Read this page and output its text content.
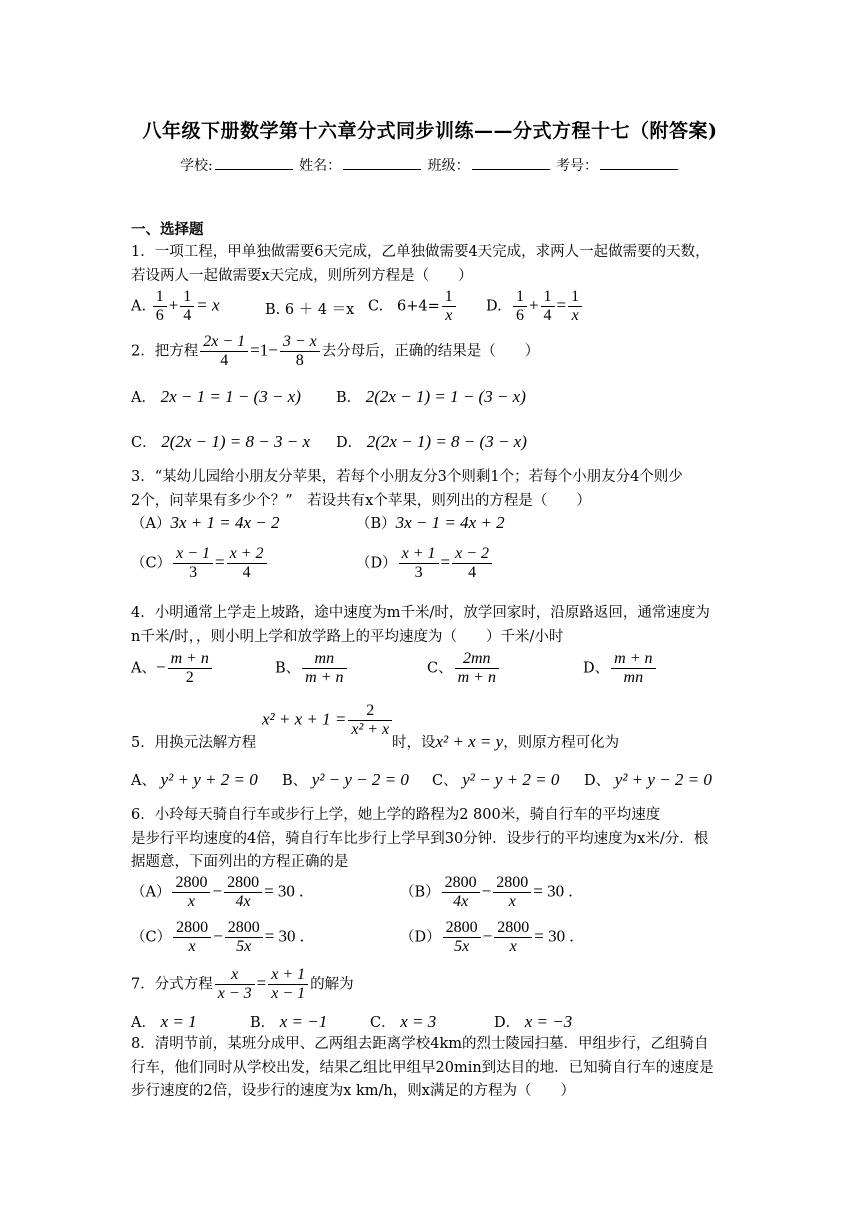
八年级下册数学第十六章分式同步训练——分式方程十七（附答案)
学校:	姓名：	班级：	考号：
一、选择题
1．一项工程，甲单独做需要6天完成，乙单独做需要4天完成，求两人一起做需要的天数，
若设两人一起做需要x天完成，则所列方程是（　　）
A. $\frac{1}{6} + \frac{1}{4} = x$	B. 6 ＋ 4 ＝x C. $6+4= \frac{1}{x} D$. $\frac{1}{6} + \frac{1}{4} = \frac{1}{x}$
2．把方程 $\frac{2x - 1}{4} =1- \frac{3 - x}{8}$ 去分母后，正确的结果是（　　）
A． 2x − 1 = 1 − (3 − x) B． 2(2x − 1) = 1 − (3 − x)
C． 2(2x − 1) = 8 − 3 − x D． 2(2x − 1) = 8 − (3 − x)
3．“某幼儿园给小朋友分苹果，若每个小朋友分3个则剩1个；若每个小朋友分4个则少
2个，问苹果有多少个？”　若设共有x个苹果，则列出的方程是（　　）
（A）3x + 1 = 4x − 2	（B）3x − 1 = 4x + 2
$(C) \frac{x - 1}{3} = \frac{x + 2}{4}$	$(D) \frac{x + 1}{3} = \frac{x - 2}{4}$
4．小明通常上学走上坡路，途中速度为m千米/时，放学回家时，沿原路返回，通常速度为
n千米/时，，则小明上学和放学路上的平均速度为（　　）千米/小时
A、− $\frac{m + n}{2}$	B、 $\frac{mn}{m + n}$	C、 $\frac{2mn}{m + n}$	D、 $\frac{m + n}{mn}$
5．用换元法解方程
$x^2 + x + 1 = \frac{2}{\text{x² + x}}$
时，设x² + x = y，则原方程可化为
A、 y² + y + 2 = 0 B、 y² − y − 2 = 0 C、 y² − y + 2 = 0 D、 y² + y − 2 = 0
6．小玲每天骑自行车或步行上学，她上学的路程为2 800米，骑自行车的平均速度
是步行平均速度的4倍，骑自行车比步行上学早到30分钟．设步行的平均速度为x米/分．根
据题意，下面列出的方程正确的是
$(A) \frac{2800}{x} - \frac{2800}{4x} = 30$ .	$(B) \frac{2800}{4x} - \frac{2800}{x} = 30$ .
$(C) \frac{2800}{x} - \frac{2800}{5x} = 30$ .	$(D) \frac{2800}{5x} - \frac{2800}{x} = 30$ .
7．分式方程 $\frac{x}{x - 3} = \frac{x + 1}{x - 1}$ 的解为
A． x = 1	B． x = −1	C． x = 3	D． x = −3
8．清明节前，某班分成甲、乙两组去距离学校4km的烈士陵园扫墓．甲组步行，乙组骑自
行车，他们同时从学校出发，结果乙组比甲组早20min到达目的地．已知骑自行车的速度是
步行速度的2倍，设步行的速度为x km/h，则x满足的方程为（　　）
